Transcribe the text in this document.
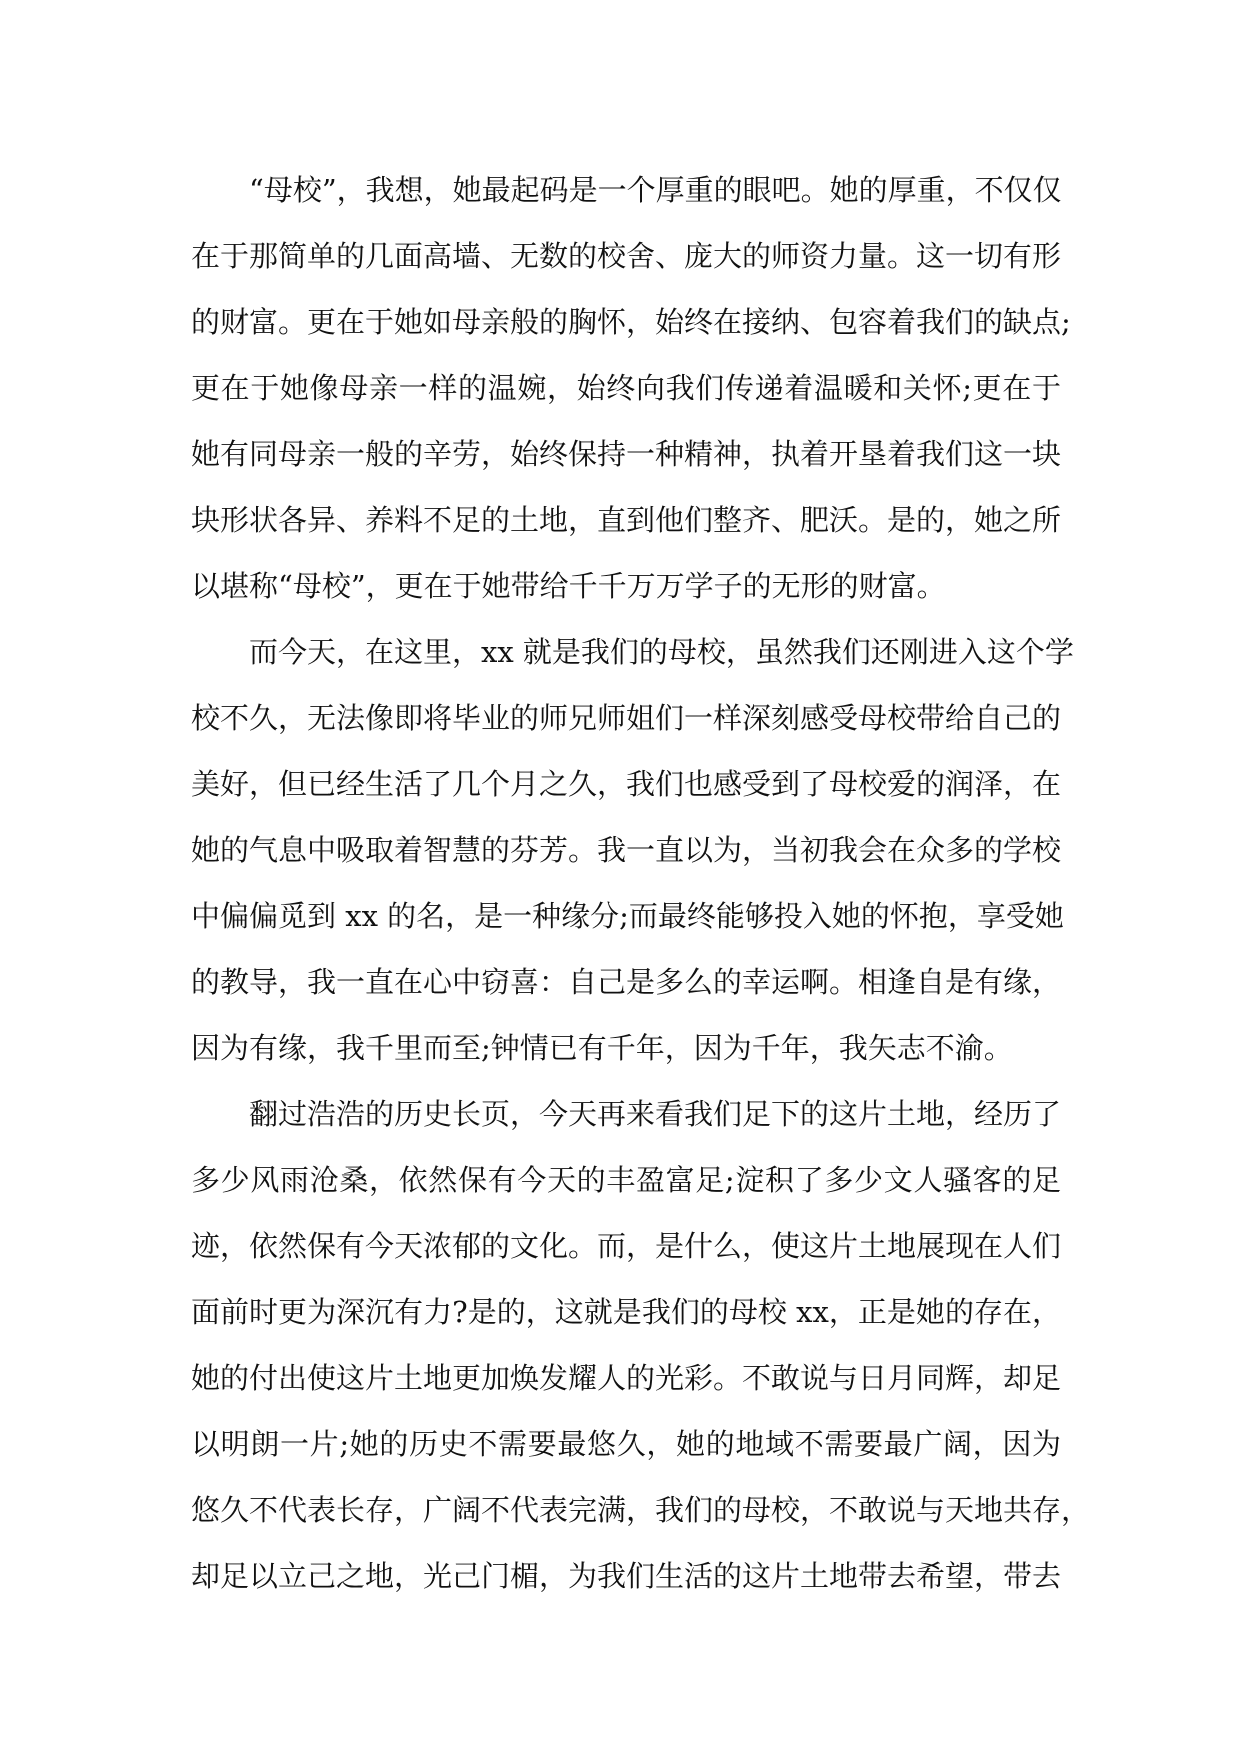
“母校”，我想，她最起码是一个厚重的眼吧。她的厚重，不仅仅
在于那简单的几面高墙、无数的校舍、庞大的师资力量。这一切有形
的财富。更在于她如母亲般的胸怀，始终在接纳、包容着我们的缺点;
更在于她像母亲一样的温婉，始终向我们传递着温暖和关怀;更在于
她有同母亲一般的辛劳，始终保持一种精神，执着开垦着我们这一块
块形状各异、养料不足的土地，直到他们整齐、肥沃。是的，她之所
以堪称“母校”，更在于她带给千千万万学子的无形的财富。
而今天，在这里，xx 就是我们的母校，虽然我们还刚进入这个学
校不久，无法像即将毕业的师兄师姐们一样深刻感受母校带给自己的
美好，但已经生活了几个月之久，我们也感受到了母校爱的润泽，在
她的气息中吸取着智慧的芬芳。我一直以为，当初我会在众多的学校
中偏偏觅到 xx 的名，是一种缘分;而最终能够投入她的怀抱，享受她
的教导，我一直在心中窃喜：自己是多么的幸运啊。相逢自是有缘，
因为有缘，我千里而至;钟情已有千年，因为千年，我矢志不渝。
翻过浩浩的历史长页，今天再来看我们足下的这片土地，经历了
多少风雨沧桑，依然保有今天的丰盈富足;淀积了多少文人骚客的足
迹，依然保有今天浓郁的文化。而，是什么，使这片土地展现在人们
面前时更为深沉有力?是的，这就是我们的母校 xx，正是她的存在，
她的付出使这片土地更加焕发耀人的光彩。不敢说与日月同辉，却足
以明朗一片;她的历史不需要最悠久，她的地域不需要最广阔，因为
悠久不代表长存，广阔不代表完满，我们的母校，不敢说与天地共存，
却足以立己之地，光己门楣，为我们生活的这片土地带去希望，带去
